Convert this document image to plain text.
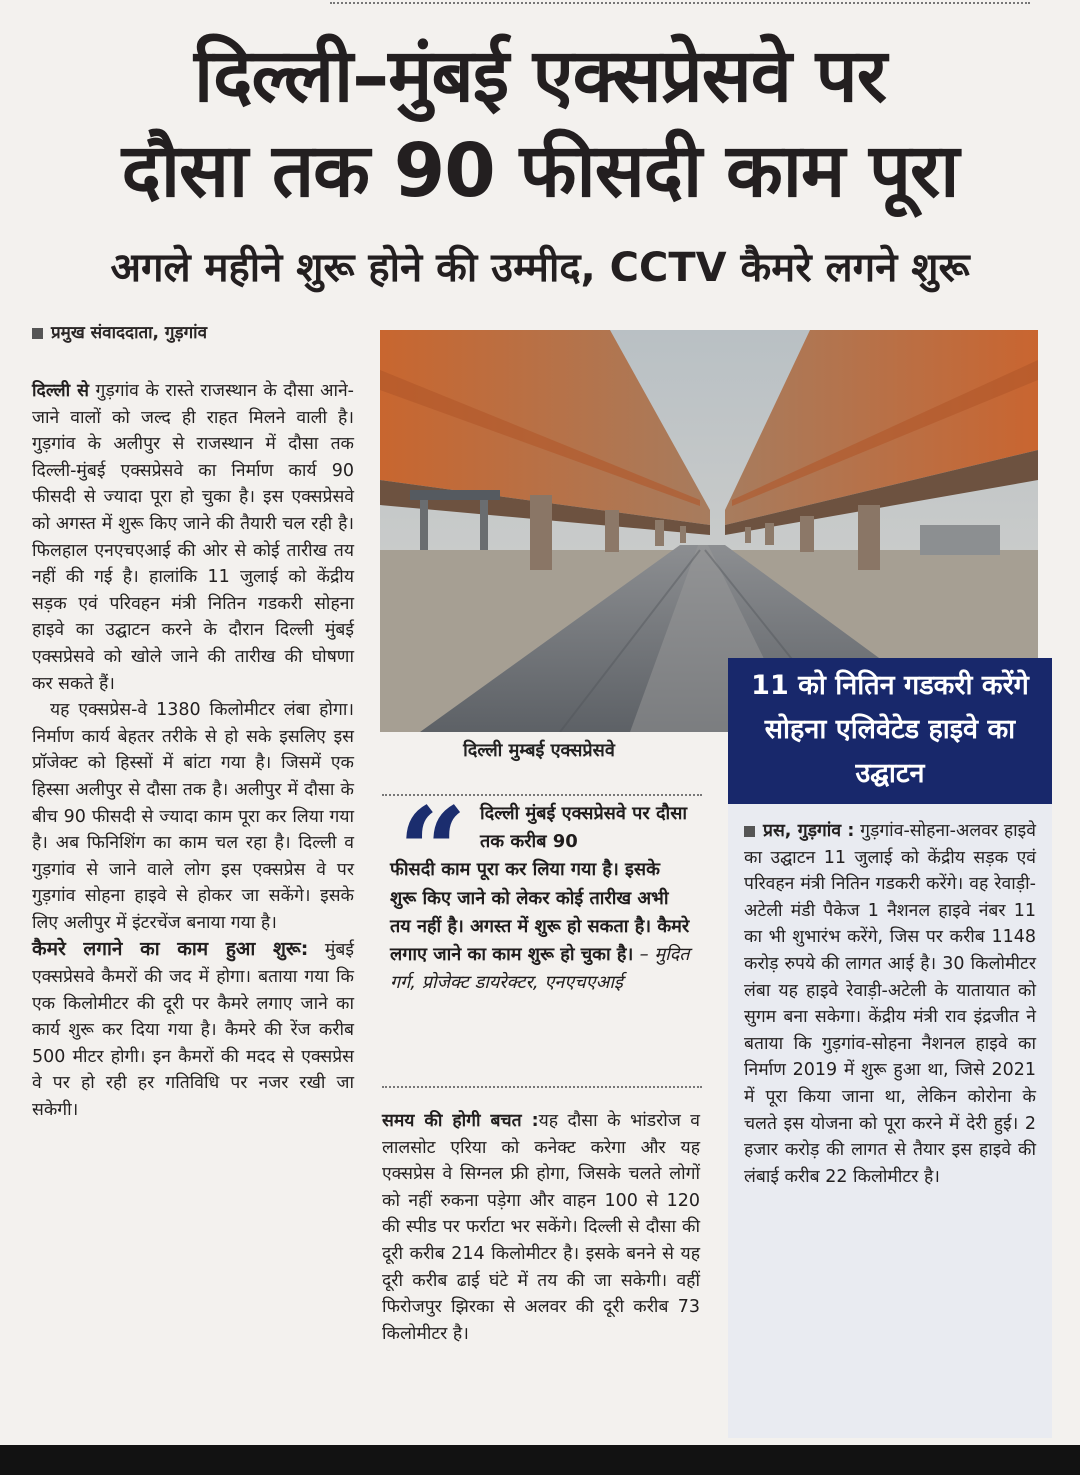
दिल्ली–मुंबई एक्सप्रेसवे पर
दौसा तक 90 फीसदी काम पूरा
अगले महीने शुरू होने की उम्मीद, CCTV कैमरे लगने शुरू
प्रमुख संवाददाता, गुड़गांव

दिल्ली से गुड़गांव के रास्ते राजस्थान के दौसा आने-जाने वालों को जल्द ही राहत मिलने वाली है। गुड़गांव के अलीपुर से राजस्थान में दौसा तक दिल्ली-मुंबई एक्सप्रेसवे का निर्माण कार्य 90 फीसदी से ज्यादा पूरा हो चुका है। इस एक्सप्रेसवे को अगस्त में शुरू किए जाने की तैयारी चल रही है। फिलहाल एनएचएआई की ओर से कोई तारीख तय नहीं की गई है। हालांकि 11 जुलाई को केंद्रीय सड़क एवं परिवहन मंत्री नितिन गडकरी सोहना हाइवे का उद्घाटन करने के दौरान दिल्ली मुंबई एक्सप्रेसवे को खोले जाने की तारीख की घोषणा कर सकते हैं।

यह एक्सप्रेस-वे 1380 किलोमीटर लंबा होगा। निर्माण कार्य बेहतर तरीके से हो सके इसलिए इस प्रॉजेक्ट को हिस्सों में बांटा गया है। जिसमें एक हिस्सा अलीपुर से दौसा तक है। अलीपुर में दौसा के बीच 90 फीसदी से ज्यादा काम पूरा कर लिया गया है। अब फिनिशिंग का काम चल रहा है। दिल्ली व गुड़गांव से जाने वाले लोग इस एक्सप्रेस वे पर गुड़गांव सोहना हाइवे से होकर जा सकेंगे। इसके लिए अलीपुर में इंटरचेंज बनाया गया है।

कैमरे लगाने का काम हुआ शुरू: मुंबई एक्सप्रेसवे कैमरों की जद में होगा। बताया गया कि एक किलोमीटर की दूरी पर कैमरे लगाए जाने का कार्य शुरू कर दिया गया है। कैमरे की रेंज करीब 500 मीटर होगी। इन कैमरों की मदद से एक्सप्रेस वे पर हो रही हर गतिविधि पर नजर रखी जा सकेगी।

दिल्ली मुम्बई एक्सप्रेसवे
11 को नितिन गडकरी करेंगे सोहना एलिवेटेड हाइवे का उद्घाटन

प्रस, गुड़गांव : गुड़गांव-सोहना-अलवर हाइवे का उद्घाटन 11 जुलाई को केंद्रीय सड़क एवं परिवहन मंत्री नितिन गडकरी करेंगे। वह रेवाड़ी-अटेली मंडी पैकेज 1 नैशनल हाइवे नंबर 11 का भी शुभारंभ करेंगे, जिस पर करीब 1148 करोड़ रुपये की लागत आई है। 30 किलोमीटर लंबा यह हाइवे रेवाड़ी-अटेली के यातायात को सुगम बना सकेगा। केंद्रीय मंत्री राव इंद्रजीत ने बताया कि गुड़गांव-सोहना नैशनल हाइवे का निर्माण 2019 में शुरू हुआ था, जिसे 2021 में पूरा किया जाना था, लेकिन कोरोना के चलते इस योजना को पूरा करने में देरी हुई। 2 हजार करोड़ की लागत से तैयार इस हाइवे की लंबाई करीब 22 किलोमीटर है।

“ दिल्ली मुंबई एक्सप्रेसवे पर दौसा तक करीब 90
फीसदी काम पूरा कर लिया गया है। इसके शुरू किए जाने को लेकर कोई तारीख अभी तय नहीं है। अगस्त में शुरू हो सकता है। कैमरे लगाए जाने का काम शुरू हो चुका है। – मुदित गर्ग, प्रोजेक्ट डायरेक्टर, एनएचएआई

समय की होगी बचत :यह दौसा के भांडरोज व लालसोट एरिया को कनेक्ट करेगा और यह एक्सप्रेस वे सिग्नल फ्री होगा, जिसके चलते लोगों को नहीं रुकना पड़ेगा और वाहन 100 से 120 की स्पीड पर फर्राटा भर सकेंगे। दिल्ली से दौसा की दूरी करीब 214 किलोमीटर है। इसके बनने से यह दूरी करीब ढाई घंटे में तय की जा सकेगी। वहीं फिरोजपुर झिरका से अलवर की दूरी करीब 73 किलोमीटर है।
